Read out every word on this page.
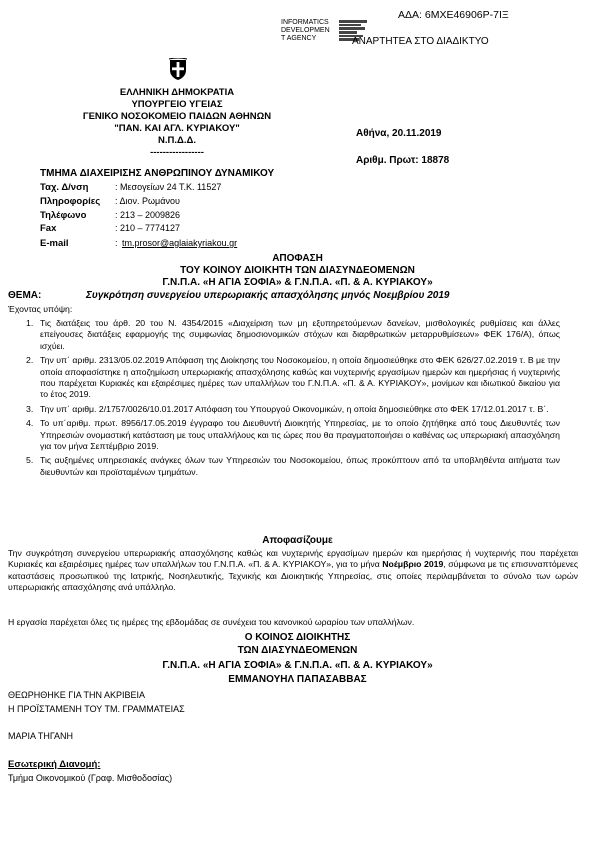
ΑΔΑ: 6ΜΧΕ46906Ρ-7ΙΞ
INFORMATICS
DEVELOPMEN
T AGENCY	ΑΝΑΡΤΗΤΕΑ ΣΤΟ ΔΙΑΔΙΚΤΥΟ
ΕΛΛΗΝΙΚΗ ΔΗΜΟΚΡΑΤΙΑ
ΥΠΟΥΡΓΕΙΟ ΥΓΕΙΑΣ
ΓΕΝΙΚΟ ΝΟΣΟΚΟΜΕΙΟ ΠΑΙΔΩΝ ΑΘΗΝΩΝ
"ΠΑΝ. ΚΑΙ ΑΓΛ. ΚΥΡΙΑΚΟΥ"
Ν.Π.Δ.Δ.
-----------------
Αθήνα, 20.11.2019
Αριθμ. Πρωτ: 18878
ΤΜΗΜΑ ΔΙΑΧΕΙΡΙΣΗΣ ΑΝΘΡΩΠΙΝΟΥ ΔΥΝΑΜΙΚΟΥ
Ταχ. Δ/νση	: Μεσογείων 24 Τ.Κ. 11527
Πληροφορίες : Διον. Ρωμάνου
Τηλέφωνο	: 213 – 2009826
Fax	: 210 – 7774127
E-mail	: tm.prosor@aglaiakyriakou.gr
ΑΠΟΦΑΣΗ
ΤΟΥ ΚΟΙΝΟΥ ΔΙΟΙΚΗΤΗ ΤΩΝ ΔΙΑΣΥΝΔΕΟΜΕΝΩΝ
Γ.Ν.Π.Α. «Η ΑΓΙΑ ΣΟΦΙΑ» & Γ.Ν.Π.Α. «Π. & Α. ΚΥΡΙΑΚΟΥ»
ΘΕΜΑ:	Συγκρότηση συνεργείου υπερωριακής απασχόλησης μηνός Νοεμβρίου 2019
Έχοντας υπόψη:
1. Τις διατάξεις του άρθ. 20 του Ν. 4354/2015 «Διαχείριση των μη εξυπηρετούμενων δανείων, μισθολογικές ρυθμίσεις και άλλες επείγουσες διατάξεις εφαρμογής της συμφωνίας δημοσιονομικών στόχων και διαρθρωτικών μεταρρυθμίσεων» ΦΕΚ 176/Α), όπως ισχύει.
2. Την υπ΄ αριθμ. 2313/05.02.2019 Απόφαση της Διοίκησης του Νοσοκομείου, η οποία δημοσιεύθηκε στο ΦΕΚ 626/27.02.2019 τ. Β με την οποία αποφασίστηκε η αποζημίωση υπερωριακής απασχόλησης καθώς και νυχτερινής εργασίμων ημερών και ημερήσιας ή νυχτερινής που παρέχεται Κυριακές και εξαιρέσιμες ημέρες των υπαλλήλων του Γ.Ν.Π.Α. «Π. & Α. ΚΥΡΙΑΚΟΥ», μονίμων και ιδιωτικού δικαίου για το έτος 2019.
3. Την υπ΄ αριθμ. 2/1757/0026/10.01.2017 Απόφαση του Υπουργού Οικονομικών, η οποία δημοσιεύθηκε στο ΦΕΚ 17/12.01.2017 τ. Β΄.
4. Το υπ΄αριθμ. πρωτ. 8956/17.05.2019 έγγραφο του Διευθυντή Διοικητής Υπηρεσίας, με το οποίο ζητήθηκε από τους Διευθυντές των Υπηρεσιών ονομαστική κατάσταση με τους υπαλλήλους και τις ώρες που θα πραγματοποιήσει ο καθένας ως υπερωριακή απασχόληση για τον μήνα Σεπτέμβριο 2019.
5. Τις αυξημένες υπηρεσιακές ανάγκες όλων των Υπηρεσιών του Νοσοκομείου, όπως προκύπτουν από τα υποβληθέντα αιτήματα των διευθυντών και προϊσταμένων τμημάτων.
Αποφασίζουμε
Την συγκρότηση συνεργείου υπερωριακής απασχόλησης καθώς και νυχτερινής εργασίμων ημερών και ημερήσιας ή νυχτερινής που παρέχεται Κυριακές και εξαιρέσιμες ημέρες των υπαλλήλων του Γ.Ν.Π.Α. «Π. & Α. ΚΥΡΙΑΚΟΥ», για το μήνα Νοέμβριο 2019, σύμφωνα με τις επισυναπτόμενες καταστάσεις προσωπικού της Ιατρικής, Νοσηλευτικής, Τεχνικής και Διοικητικής Υπηρεσίας, στις οποίες περιλαμβάνεται το σύνολο των ωρών υπερωριακής απασχόλησης ανά υπάλληλο.
Η εργασία παρέχεται όλες τις ημέρες της εβδομάδας σε συνέχεια του κανονικού ωραρίου των υπαλλήλων.
Ο ΚΟΙΝΟΣ ΔΙΟΙΚΗΤΗΣ
ΤΩΝ ΔΙΑΣΥΝΔΕΟΜΕΝΩΝ
Γ.Ν.Π.Α. «Η ΑΓΙΑ ΣΟΦΙΑ» & Γ.Ν.Π.Α. «Π. & Α. ΚΥΡΙΑΚΟΥ»
ΕΜΜΑΝΟΥΗΛ ΠΑΠΑΣΑΒΒΑΣ
ΘΕΩΡΗΘΗΚΕ ΓΙΑ ΤΗΝ ΑΚΡΙΒΕΙΑ
Η ΠΡΟΪΣΤΑΜΕΝΗ ΤΟΥ ΤΜ. ΓΡΑΜΜΑΤΕΙΑΣ
ΜΑΡΙΑ ΤΗΓΑΝΗ
Εσωτερική Διανομή:
Τμήμα Οικονομικού (Γραφ. Μισθοδοσίας)
